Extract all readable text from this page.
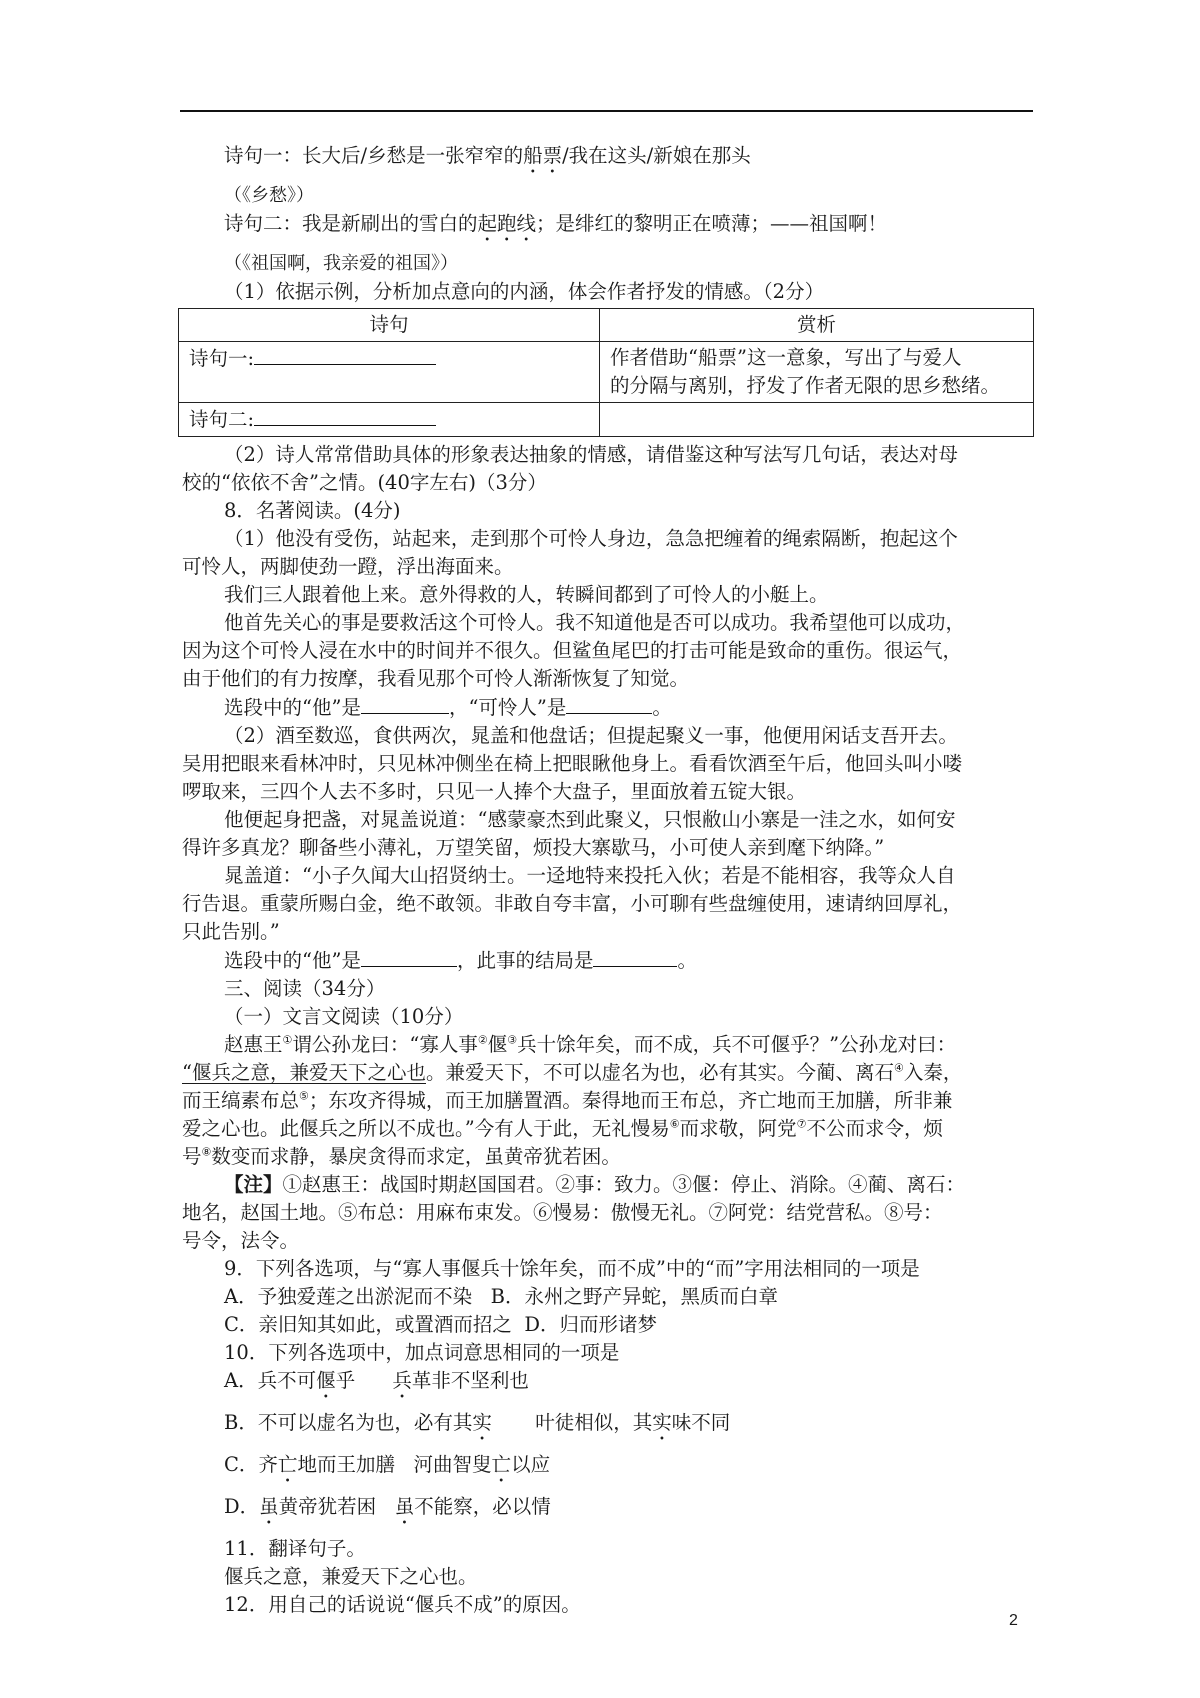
诗句一：长大后/乡愁是一张窄窄的船票/我在这头/新娘在那头
（《乡愁》）
诗句二：我是新刷出的雪白的起跑线；是绯红的黎明正在喷薄；——祖国啊！
（《祖国啊，我亲爱的祖国》）
（1）依据示例，分析加点意向的内涵，体会作者抒发的情感。（2分）
诗句	赏析
诗句一:	作者借助“船票”这一意象，写出了与爱人
的分隔与离别，抒发了作者无限的思乡愁绪。

诗句二:	
（2）诗人常常借助具体的形象表达抽象的情感，请借鉴这种写法写几句话，表达对母
校的“依依不舍”之情。(40字左右)（3分）
8．名著阅读。(4分)
（1）他没有受伤，站起来，走到那个可怜人身边，急急把缠着的绳索隔断，抱起这个
可怜人，两脚使劲一蹬，浮出海面来。
我们三人跟着他上来。意外得救的人，转瞬间都到了可怜人的小艇上。
他首先关心的事是要救活这个可怜人。我不知道他是否可以成功。我希望他可以成功，
因为这个可怜人浸在水中的时间并不很久。但鲨鱼尾巴的打击可能是致命的重伤。很运气，
由于他们的有力按摩，我看见那个可怜人渐渐恢复了知觉。
选段中的“他”是	，“可怜人”是	。
（2）酒至数巡，食供两次，晁盖和他盘话；但提起聚义一事，他便用闲话支吾开去。
吴用把眼来看林冲时，只见林冲侧坐在椅上把眼瞅他身上。看看饮酒至午后，他回头叫小喽
啰取来，三四个人去不多时，只见一人捧个大盘子，里面放着五锭大银。
他便起身把盏，对晁盖说道：“感蒙豪杰到此聚义，只恨敝山小寨是一洼之水，如何安
得许多真龙？聊备些小薄礼，万望笑留，烦投大寨歇马，小可使人亲到麾下纳降。”
晁盖道：“小子久闻大山招贤纳士。一迳地特来投托入伙；若是不能相容，我等众人自
行告退。重蒙所赐白金，绝不敢领。非敢自夸丰富，小可聊有些盘缠使用，速请纳回厚礼，
只此告别。”
选段中的“他”是	，此事的结局是	。
三、阅读（34分）
（一）文言文阅读（10分）
赵惠王①谓公孙龙曰：“寡人事②偃③兵十馀年矣，而不成，兵不可偃乎？”公孙龙对曰：
“偃兵之意，兼爱天下之心也。兼爱天下，不可以虚名为也，必有其实。今蔺、离石④入秦，
而王缟素布总⑤；东攻齐得城，而王加膳置酒。秦得地而王布总，齐亡地而王加膳，所非兼
爱之心也。此偃兵之所以不成也。”今有人于此，无礼慢易⑥而求敬，阿党⑦不公而求令，烦
号⑧数变而求静，暴戾贪得而求定，虽黄帝犹若困。
【注】①赵惠王：战国时期赵国国君。②事：致力。③偃：停止、消除。④蔺、离石：
地名，赵国土地。⑤布总：用麻布束发。⑥慢易：傲慢无礼。⑦阿党：结党营私。⑧号：
号令，法令。
9．下列各选项，与“寡人事偃兵十馀年矣，而不成”中的“而”字用法相同的一项是
A．予独爱莲之出淤泥而不染   B．永州之野产异蛇，黑质而白章
C．亲旧知其如此，或置酒而招之  D．归而形诸梦
10．下列各选项中，加点词意思相同的一项是
A．兵不可偃乎      兵革非不坚利也
B．不可以虚名为也，必有其实       叶徒相似，其实味不同
C．齐亡地而王加膳   河曲智叟亡以应
D．虽黄帝犹若困   虽不能察，必以情
11．翻译句子。
偃兵之意，兼爱天下之心也。
12．用自己的话说说“偃兵不成”的原因。
2
